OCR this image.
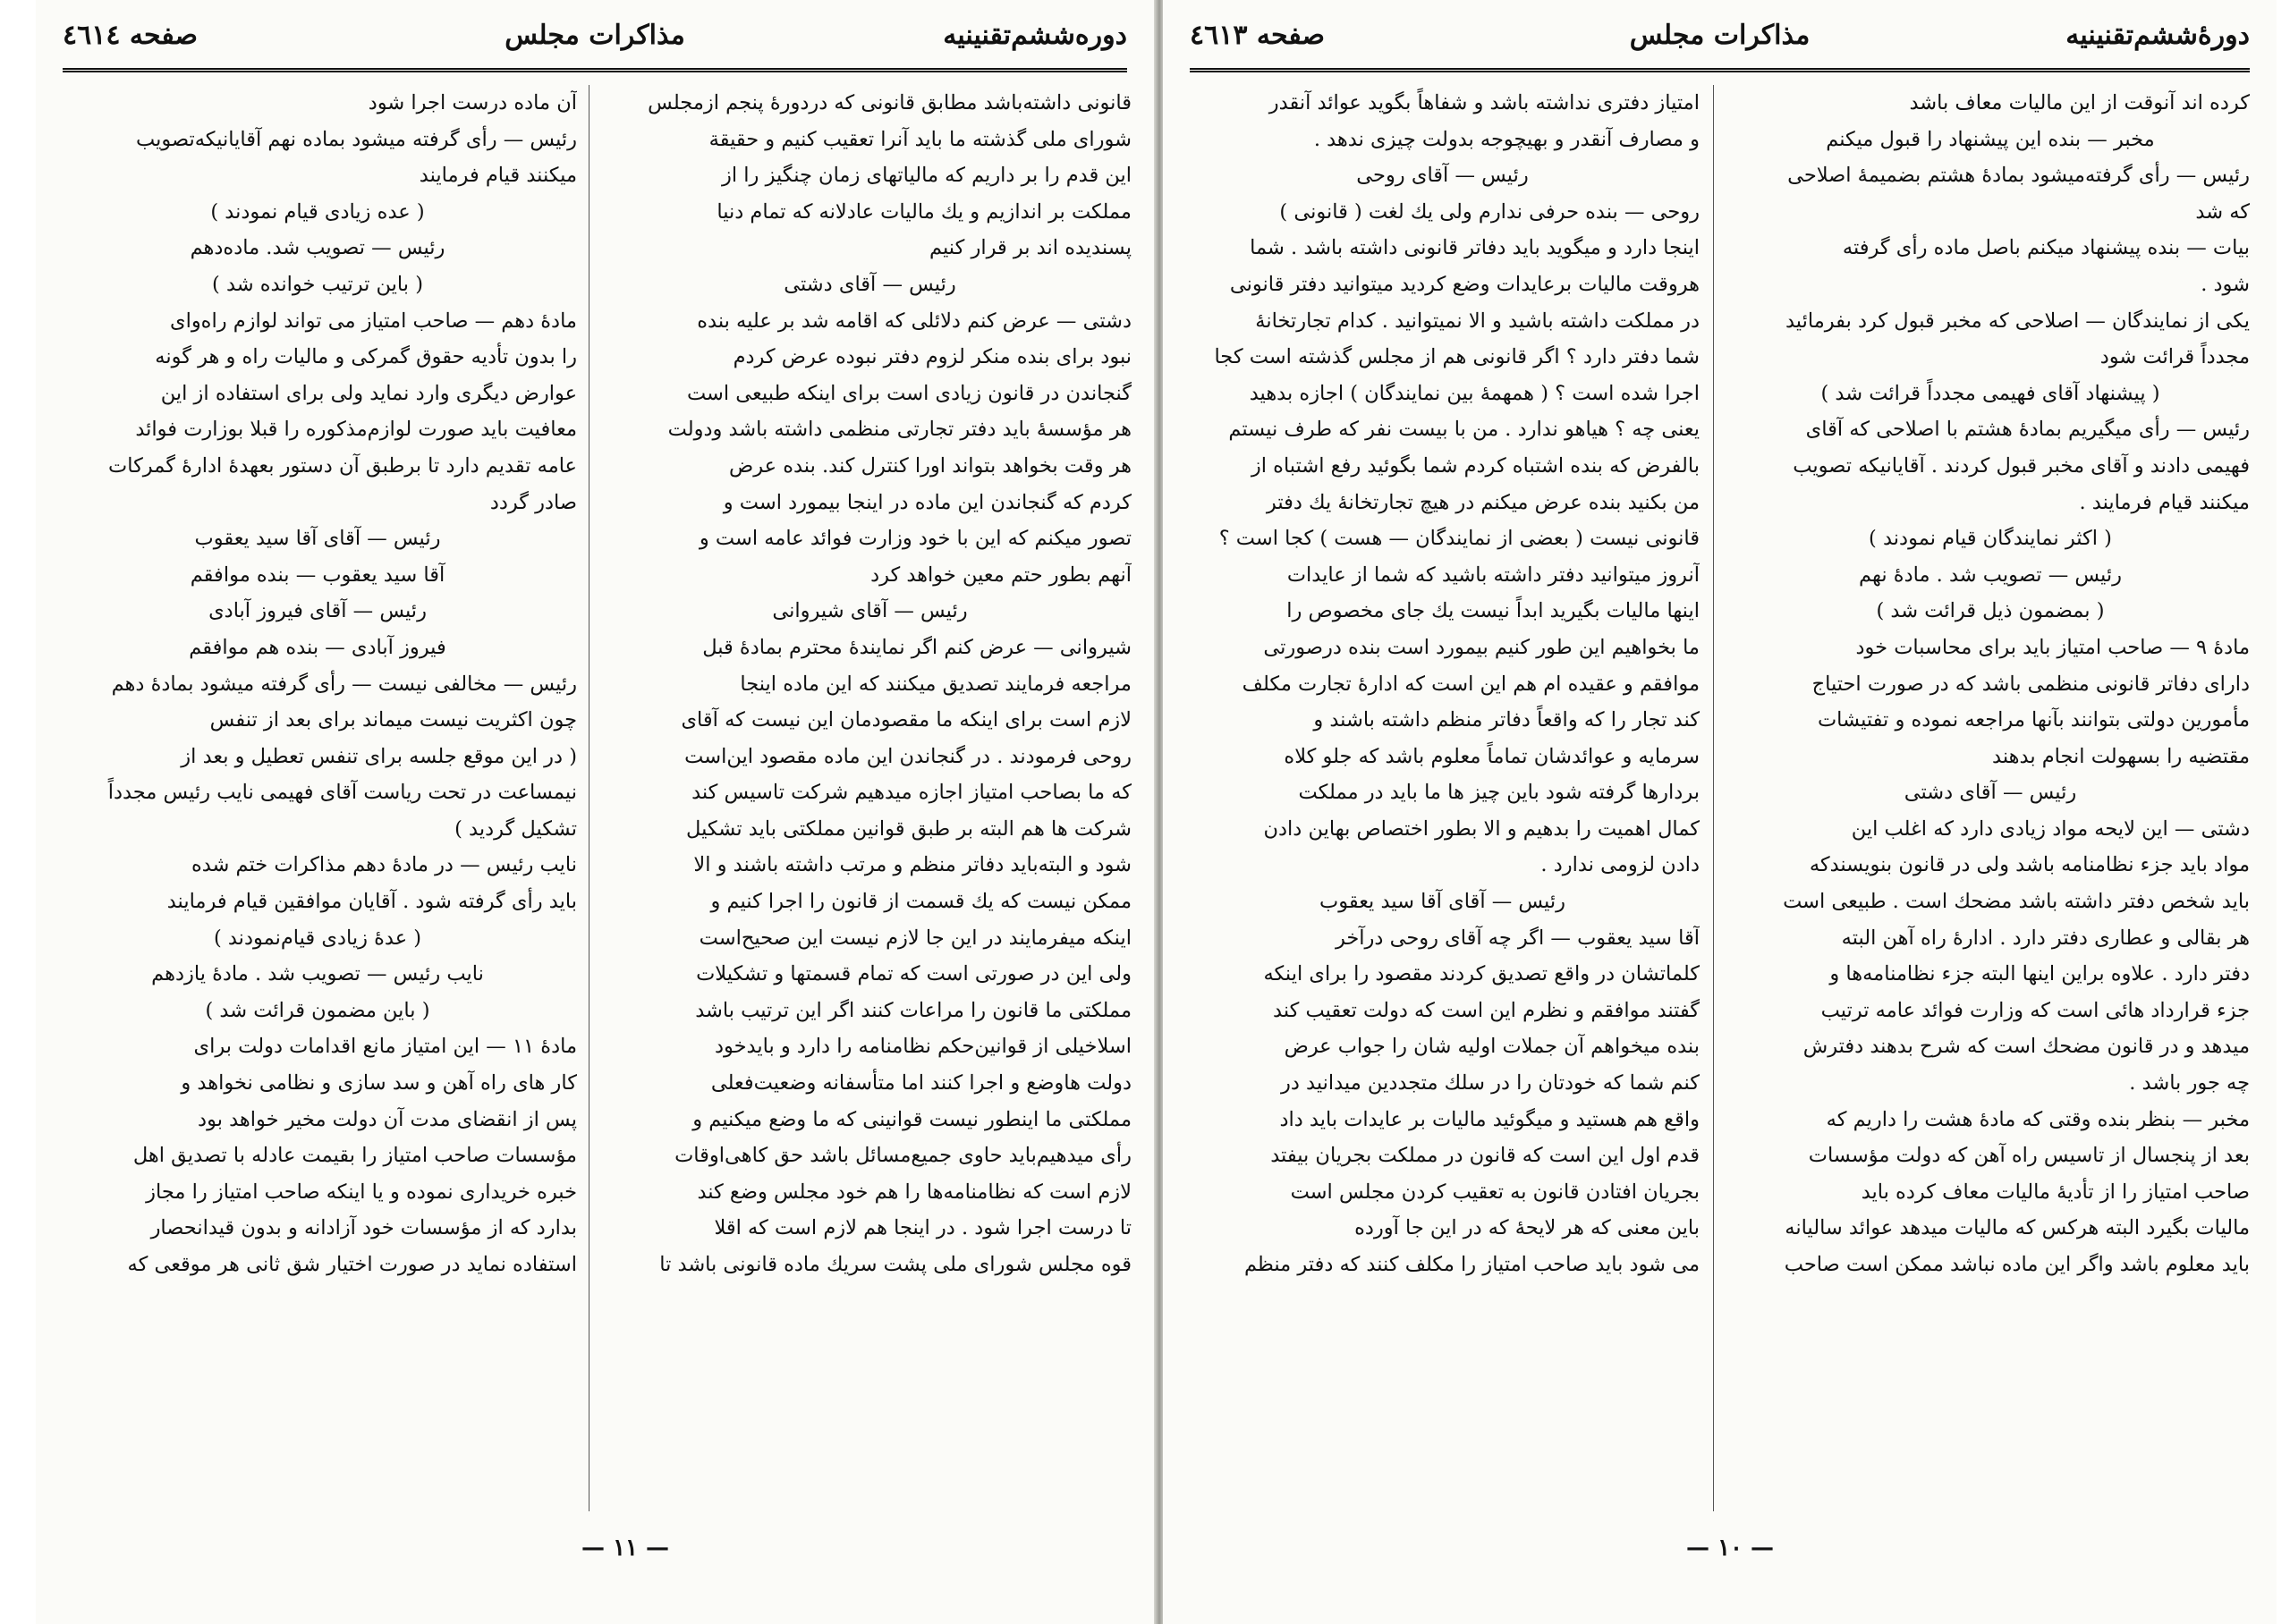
دوره‌ششم‌تقنینیه
مذاکرات مجلس
صفحه ٤٦١٤

قانونی داشته‌باشد مطابق قانونی که دردورهٔ پنجم ازمجلس

شورای ملی گذشته ما باید آنرا تعقیب کنیم و حقیقة

این قدم را بر داریم که مالیاتهای زمان چنگیز را از

مملکت بر اندازیم و یك مالیات عادلانه که تمام دنیا

پسندیده اند بر قرار کنیم

رئیس — آقای دشتی

دشتی — عرض کنم دلائلی که اقامه شد بر علیه بنده

نبود برای بنده منکر لزوم دفتر نبوده عرض کردم

گنجاندن در قانون زیادی است برای اینکه طبیعی است

هر مؤسسهٔ باید دفتر تجارتی منظمی داشته باشد ودولت

هر وقت بخواهد بتواند اورا کنترل کند. بنده عرض

کردم که گنجاندن این ماده در اینجا بیمورد است و

تصور میکنم که این با خود وزارت فوائد عامه است و

آنهم بطور حتم معین خواهد کرد

رئیس — آقای شیروانی

شیروانی — عرض کنم اگر نمایندهٔ محترم بمادهٔ قبل

مراجعه فرمایند تصدیق میکنند که این ماده اینجا

لازم است برای اینکه ما مقصودمان این نیست که آقای

روحی فرمودند . در گنجاندن این ماده مقصود این‌است

که ما بصاحب امتیاز اجازه میدهیم شرکت تاسیس کند

شرکت ها هم البته بر طبق قوانین مملکتی باید تشکیل

شود و البته‌باید دفاتر منظم و مرتب داشته باشند و الا

ممکن نیست که یك قسمت از قانون را اجرا کنیم و

اینکه میفرمایند در این جا لازم نیست این صحیح‌است

ولی این در صورتی است که تمام قسمتها و تشکیلات

مملکتی ما قانون را مراعات کنند اگر این ترتیب باشد

اسلاخیلی از قوانین‌حکم نظامنامه را دارد و بایدخود

دولت هاوضع و اجرا کنند اما متأسفانه وضعیت‌فعلی

مملکتی ما اینطور نیست قوانینی که ما وضع میکنیم و

رأی میدهیم‌باید حاوی جمیع‌مسائل باشد حق کاهی‌اوقات

لازم است که نظامنامه‌ها را هم خود مجلس وضع کند

تا درست اجرا شود . در اینجا هم لازم است که اقلا

قوه مجلس شورای ملی پشت سریك ماده قانونی باشد تا

آن ماده درست اجرا شود

رئیس — رأی گرفته میشود بماده نهم آقایانیکه‌تصویب

میکنند قیام فرمایند

( عده زیادی قیام نمودند )

رئیس — تصویب شد. ماده‌دهم

( باین ترتیب خوانده شد )

مادهٔ دهم — صاحب امتیاز می تواند لوازم راه‌وای

را بدون تأدیه حقوق گمرکی و مالیات راه و هر گونه

عوارض دیگری وارد نماید ولی برای استفاده از این

معافیت باید صورت لوازم‌مذکوره را قبلا بوزارت فوائد

عامه تقدیم دارد تا برطبق آن دستور بعهدهٔ ادارهٔ گمرکات

صادر گردد

رئیس — آقای آقا سید یعقوب

آقا سید یعقوب — بنده موافقم

رئیس — آقای فیروز آبادی

فیروز آبادی — بنده هم موافقم

رئیس — مخالفی نیست — رأی گرفته میشود بمادهٔ دهم

چون اکثریت نیست میماند برای بعد از تنفس

( در این موقع جلسه برای تنفس تعطیل و بعد از

نیمساعت در تحت ریاست آقای فهیمی نایب رئیس مجدداً

تشکیل گردید )

نایب رئیس — در مادهٔ دهم مذاکرات ختم شده

باید رأی گرفته شود . آقایان موافقین قیام فرمایند

( عدهٔ زیادی قیام‌نمودند )

نایب رئیس — تصویب شد . مادهٔ یازدهم

( باین مضمون قرائت شد )

مادهٔ ١١ — این امتیاز مانع اقدامات دولت برای

کار های راه آهن و سد سازی و نظامی نخواهد و

پس از انقضای مدت آن دولت مخیر خواهد بود

مؤسسات صاحب امتیاز را بقیمت عادله با تصدیق اهل

خبره خریداری نموده و یا اینکه صاحب امتیاز را مجاز

بدارد که از مؤسسات خود آزادانه و بدون قیدانحصار

استفاده نماید در صورت اختیار شق ثانی هر موقعی که

— ١١ —
دورهٔ‌ششم‌تقنینیه
مذاکرات مجلس
صفحه ٤٦١٣

کرده اند آنوقت از این مالیات معاف باشد

مخبر — بنده این پیشنهاد را قبول میکنم

رئیس — رأی گرفته‌میشود بمادهٔ هشتم بضمیمهٔ اصلاحی

که شد

بیات — بنده پیشنهاد میکنم باصل ماده رأی گرفته

شود .

یکی از نمایندگان — اصلاحی که مخبر قبول کرد بفرمائید

مجدداً قرائت شود

( پیشنهاد آقای فهیمی مجدداً قرائت شد )

رئیس — رأی میگیریم بمادهٔ هشتم با اصلاحی که آقای

فهیمی دادند و آقای مخبر قبول کردند . آقایانیکه تصویب

میکنند قیام فرمایند .

( اکثر نمایندگان قیام نمودند )

رئیس — تصویب شد . مادهٔ نهم

( بمضمون ذیل قرائت شد )

مادهٔ ٩ — صاحب امتیاز باید برای محاسبات خود

دارای دفاتر قانونی منظمی باشد که در صورت احتیاج

مأمورین دولتی بتوانند بآنها مراجعه نموده و تفتیشات

مقتضیه را بسهولت انجام بدهند

رئیس — آقای دشتی

دشتی — این لایحه مواد زیادی دارد که اغلب این

مواد باید جزء نظامنامه باشد ولی در قانون بنویسندکه

باید شخص دفتر داشته باشد مضحك است . طبیعی است

هر بقالی و عطاری دفتر دارد . ادارهٔ راه آهن البته

دفتر دارد . علاوه براین اینها البته جزء نظامنامه‌ها و

جزء قرارداد هائی است که وزارت فوائد عامه ترتیب

میدهد و در قانون مضحك است که شرح بدهند دفترش

چه جور باشد .

مخبر — بنظر بنده وقتی که مادهٔ هشت را داریم که

بعد از پنجسال از تاسیس راه آهن که دولت مؤسسات

صاحب امتیاز را از تأدیهٔ مالیات معاف کرده باید

مالیات بگیرد البته هرکس که مالیات میدهد عوائد سالیانه

باید معلوم باشد واگر این ماده نباشد ممکن است صاحب

امتیاز دفتری نداشته باشد و شفاهاً بگوید عوائد آنقدر

و مصارف آنقدر و بهیچوجه بدولت چیزی ندهد .

رئیس — آقای روحی

روحی — بنده حرفی ندارم ولی یك لغت ( قانونی )

اینجا دارد و میگوید باید دفاتر قانونی داشته باشد . شما

هروقت مالیات برعایدات وضع کردید میتوانید دفتر قانونی

در مملکت داشته باشید و الا نمیتوانید . کدام تجارتخانهٔ

شما دفتر دارد ؟ اگر قانونی هم از مجلس گذشته است کجا

اجرا شده است ؟ ( همهمهٔ بین نمایندگان ) اجازه بدهید

یعنی چه ؟ هیاهو ندارد . من با بیست نفر که طرف نیستم

بالفرض که بنده اشتباه کردم شما بگوئید رفع اشتباه از

من بکنید بنده عرض میکنم در هیچ تجارتخانهٔ یك دفتر

قانونی نیست ( بعضی از نمایندگان — هست ) کجا است ؟

آنروز میتوانید دفتر داشته باشید که شما از عایدات

اینها مالیات بگیرید ابداً نیست یك جای مخصوص را

ما بخواهیم این طور کنیم بیمورد است بنده درصورتی

موافقم و عقیده ام هم این است که ادارهٔ تجارت مکلف

کند تجار را که واقعاً دفاتر منظم داشته باشند و

سرمایه و عوائدشان تماماً معلوم باشد که جلو کلاه

بردارها گرفته شود باین چیز ها ما باید در مملکت

کمال اهمیت را بدهیم و الا بطور اختصاص بهاین دادن

دادن لزومی ندارد .

رئیس — آقای آقا سید یعقوب

آقا سید یعقوب — اگر چه آقای روحی درآخر

کلماتشان در واقع تصدیق کردند مقصود را برای اینکه

گفتند موافقم و نظرم این است که دولت تعقیب کند

بنده میخواهم آن جملات اولیه شان را جواب عرض

کنم شما که خودتان را در سلك متجددین میدانید در

واقع هم هستید و میگوئید مالیات بر عایدات باید داد

قدم اول این است که قانون در مملکت بجریان بیفتد

بجریان افتادن قانون به تعقیب کردن مجلس است

باین معنی که هر لایحهٔ که در این جا آورده

می شود باید صاحب امتیاز را مکلف کنند که دفتر منظم

— ١٠ —
